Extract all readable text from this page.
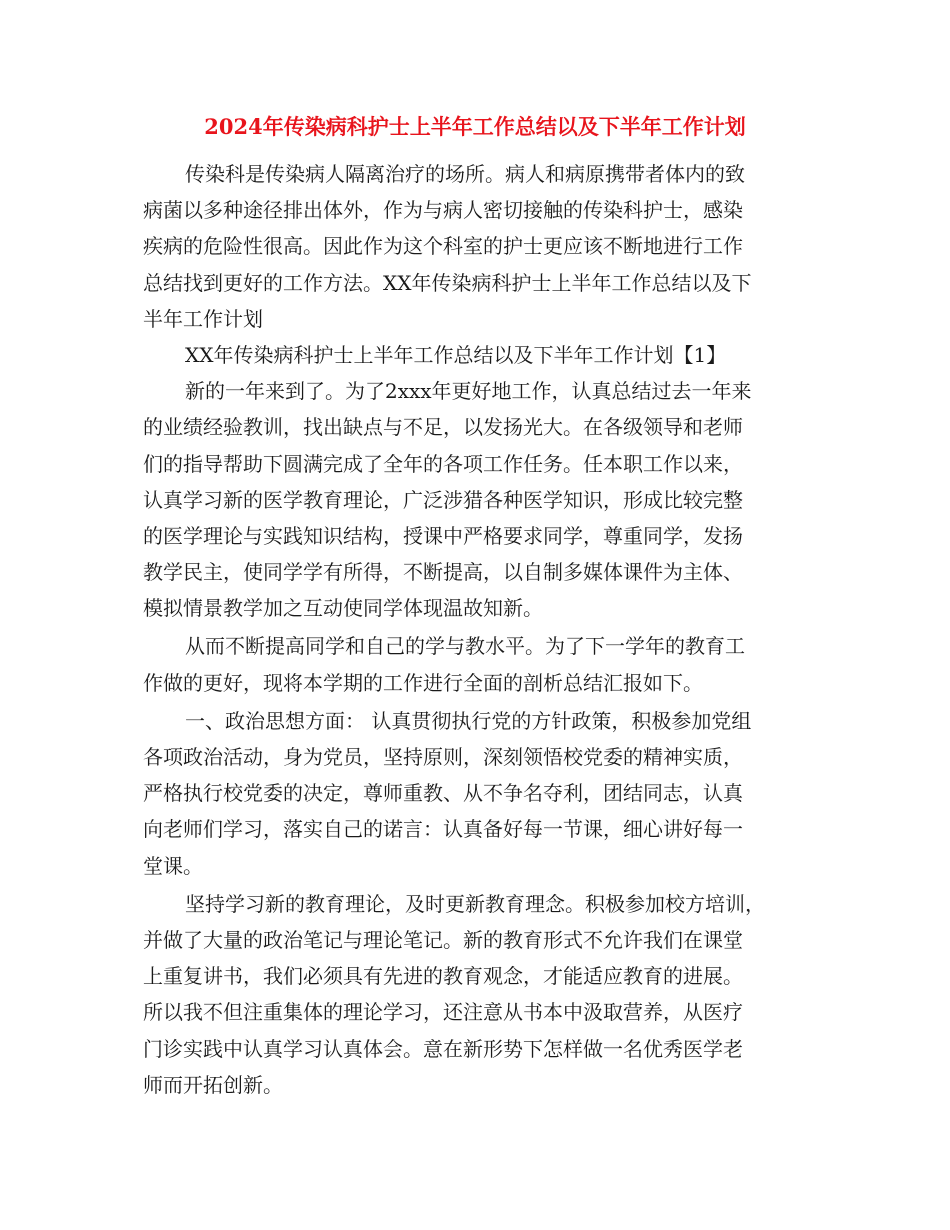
2024年传染病科护士上半年工作总结以及下半年工作计划
传染科是传染病人隔离治疗的场所。病人和病原携带者体内的致
病菌以多种途径排出体外，作为与病人密切接触的传染科护士，感染
疾病的危险性很高。因此作为这个科室的护士更应该不断地进行工作
总结找到更好的工作方法。XX年传染病科护士上半年工作总结以及下
半年工作计划
XX年传染病科护士上半年工作总结以及下半年工作计划【1】
新的一年来到了。为了2xxx年更好地工作，认真总结过去一年来
的业绩经验教训，找出缺点与不足，以发扬光大。在各级领导和老师
们的指导帮助下圆满完成了全年的各项工作任务。任本职工作以来，
认真学习新的医学教育理论，广泛涉猎各种医学知识，形成比较完整
的医学理论与实践知识结构，授课中严格要求同学，尊重同学，发扬
教学民主，使同学学有所得，不断提高，以自制多媒体课件为主体、
模拟情景教学加之互动使同学体现温故知新。
从而不断提高同学和自己的学与教水平。为了下一学年的教育工
作做的更好，现将本学期的工作进行全面的剖析总结汇报如下。
一、政治思想方面： 认真贯彻执行党的方针政策，积极参加党组
各项政治活动，身为党员，坚持原则，深刻领悟校党委的精神实质，
严格执行校党委的决定，尊师重教、从不争名夺利，团结同志，认真
向老师们学习，落实自己的诺言：认真备好每一节课，细心讲好每一
堂课。
坚持学习新的教育理论，及时更新教育理念。积极参加校方培训，
并做了大量的政治笔记与理论笔记。新的教育形式不允许我们在课堂
上重复讲书，我们必须具有先进的教育观念，才能适应教育的进展。
所以我不但注重集体的理论学习，还注意从书本中汲取营养，从医疗
门诊实践中认真学习认真体会。意在新形势下怎样做一名优秀医学老
师而开拓创新。
